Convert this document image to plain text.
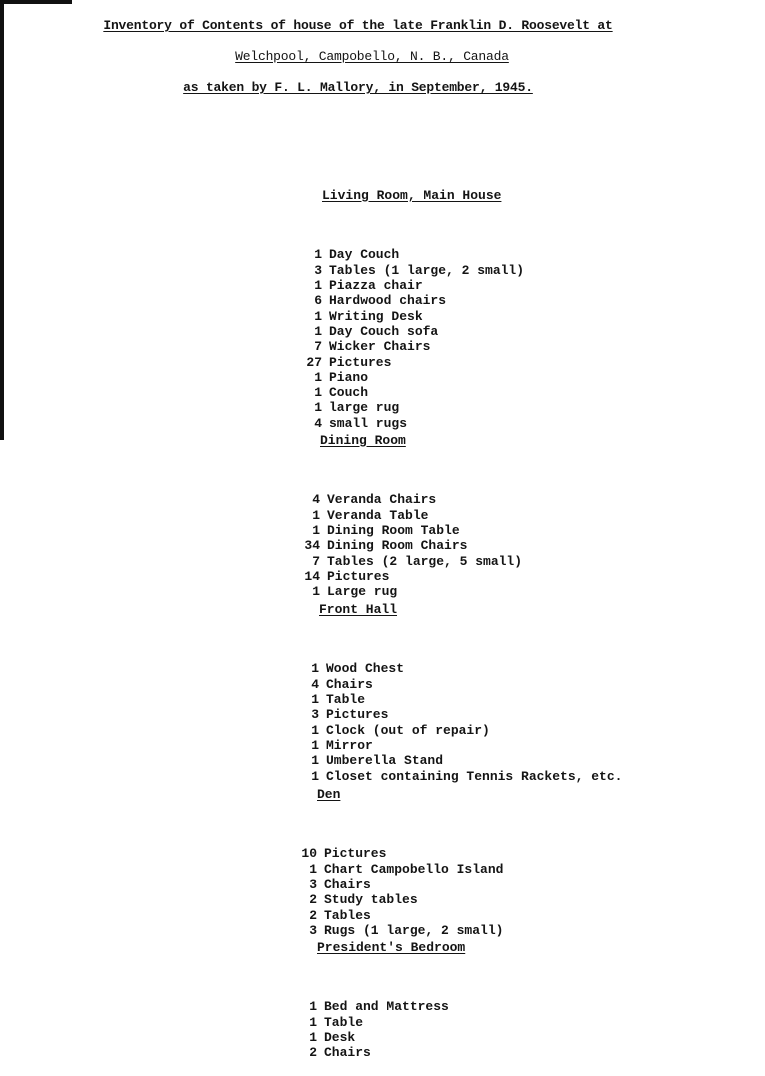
Inventory of Contents of house of the late Franklin D. Roosevelt at
Welchpool, Campobello, N. B., Canada
as taken by F. L. Mallory, in September, 1945.

Living Room, Main House

1 Day Couch
3 Tables (1 large, 2 small)
1 Piazza chair
6 Hardwood chairs
1 Writing Desk
1 Day Couch sofa
7 Wicker Chairs
27 Pictures
1 Piano
1 Couch
1 large rug
4 small rugs

Dining Room

4 Veranda Chairs
1 Veranda Table
1 Dining Room Table
34 Dining Room Chairs
7 Tables (2 large, 5 small)
14 Pictures
1 Large rug

Front Hall

1 Wood Chest
4 Chairs
1 Table
3 Pictures
1 Clock (out of repair)
1 Mirror
1 Umberella Stand
1 Closet containing Tennis Rackets, etc.

Den

10 Pictures
1 Chart Campobello Island
3 Chairs
2 Study tables
2 Tables
3 Rugs (1 large, 2 small)

President's Bedroom

1 Bed and Mattress
1 Table
1 Desk
2 Chairs
